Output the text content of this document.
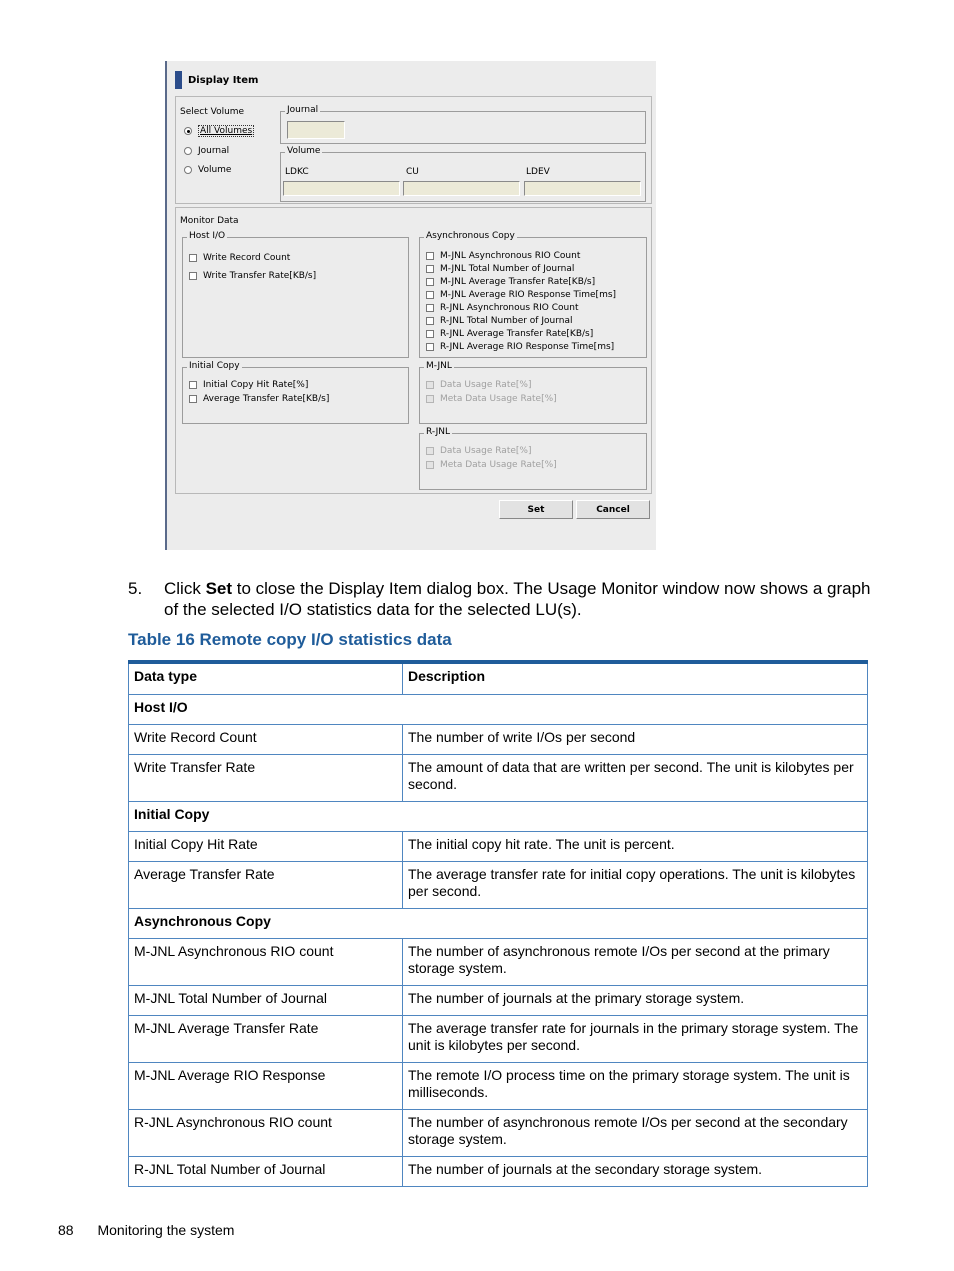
Display Item
Select Volume
All Volumes
Journal
Volume
Journal
Volume
LDKC	CU	LDEV
Monitor Data
Host I/O
Write Record Count
Write Transfer Rate[KB/s]
Asynchronous Copy
M-JNL Asynchronous RIO Count
M-JNL Total Number of Journal
M-JNL Average Transfer Rate[KB/s]
M-JNL Average RIO Response Time[ms]
R-JNL Asynchronous RIO Count
R-JNL Total Number of Journal
R-JNL Average Transfer Rate[KB/s]
R-JNL Average RIO Response Time[ms]
Initial Copy
Initial Copy Hit Rate[%]
Average Transfer Rate[KB/s]
M-JNL
Data Usage Rate[%]
Meta Data Usage Rate[%]
R-JNL
Data Usage Rate[%]
Meta Data Usage Rate[%]
Set	Cancel
5. Click Set to close the Display Item dialog box. The Usage Monitor window now shows a graph of the selected I/O statistics data for the selected LU(s).
Table 16 Remote copy I/O statistics data
Data type	Description
Host I/O	
Write Record Count	The number of write I/Os per second
Write Transfer Rate	The amount of data that are written per second. The unit is kilobytes per second.
Initial Copy	
Initial Copy Hit Rate	The initial copy hit rate. The unit is percent.
Average Transfer Rate	The average transfer rate for initial copy operations. The unit is kilobytes per second.
Asynchronous Copy	
M-JNL Asynchronous RIO count	The number of asynchronous remote I/Os per second at the primary storage system.
M-JNL Total Number of Journal	The number of journals at the primary storage system.
M-JNL Average Transfer Rate	The average transfer rate for journals in the primary storage system. The unit is kilobytes per second.
M-JNL Average RIO Response	The remote I/O process time on the primary storage system. The unit is milliseconds.
R-JNL Asynchronous RIO count	The number of asynchronous remote I/Os per second at the secondary storage system.
R-JNL Total Number of Journal	The number of journals at the secondary storage system.
88 Monitoring the system
